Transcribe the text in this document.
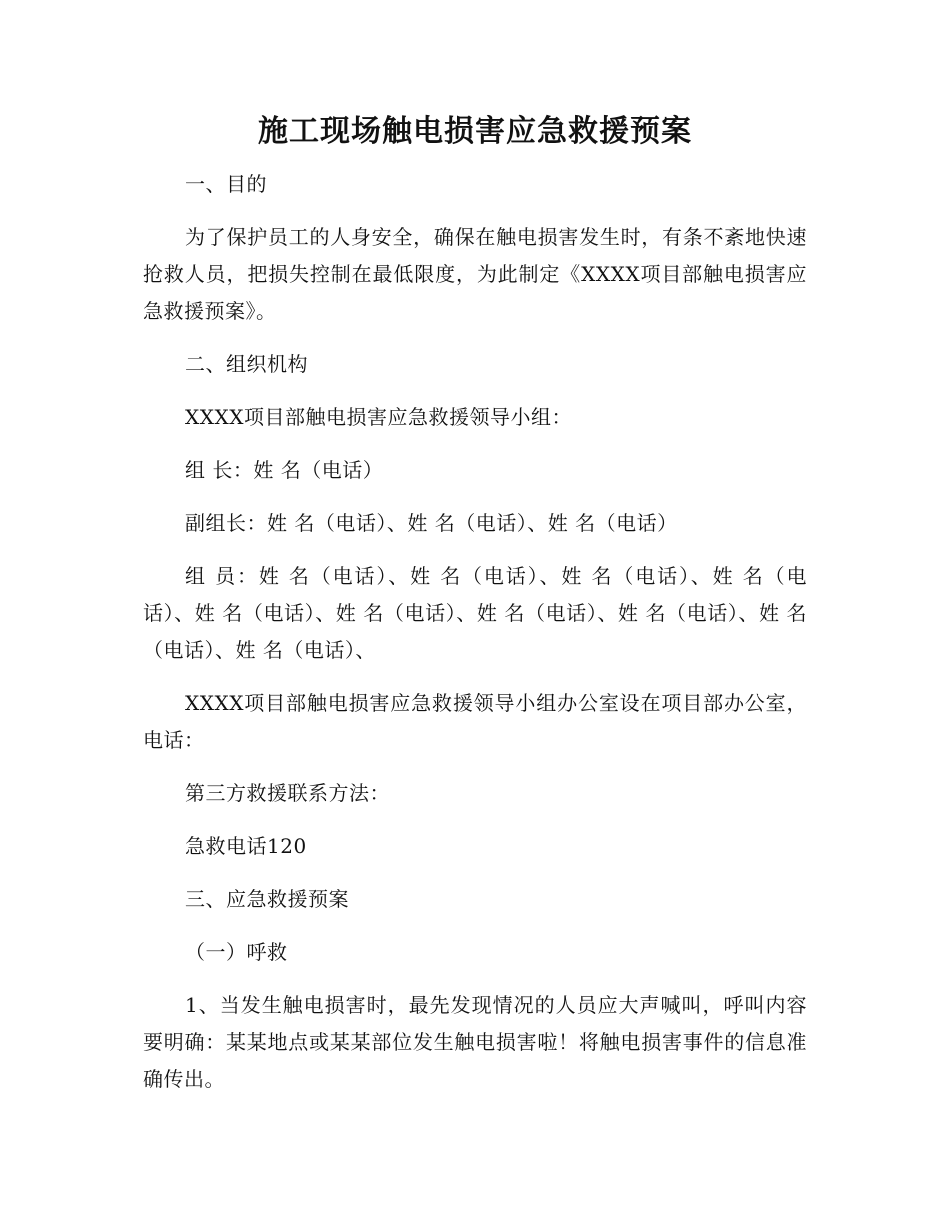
施工现场触电损害应急救援预案

一、目的

为了保护员工的人身安全，确保在触电损害发生时，有条不紊地快速抢救人员，把损失控制在最低限度，为此制定《XXXX项目部触电损害应急救援预案》。

二、组织机构

XXXX项目部触电损害应急救援领导小组：

组 长：姓 名（电话）

副组长：姓 名（电话）、姓 名（电话）、姓 名（电话）

组 员：姓 名（电话）、姓 名（电话）、姓 名（电话）、姓 名（电话）、姓 名（电话）、姓 名（电话）、姓 名（电话）、姓 名（电话）、姓 名（电话）、姓 名（电话）、

XXXX项目部触电损害应急救援领导小组办公室设在项目部办公室，电话：

第三方救援联系方法：

急救电话120

三、应急救援预案

（一）呼救

1、当发生触电损害时，最先发现情况的人员应大声喊叫，呼叫内容要明确：某某地点或某某部位发生触电损害啦！将触电损害事件的信息准确传出。
